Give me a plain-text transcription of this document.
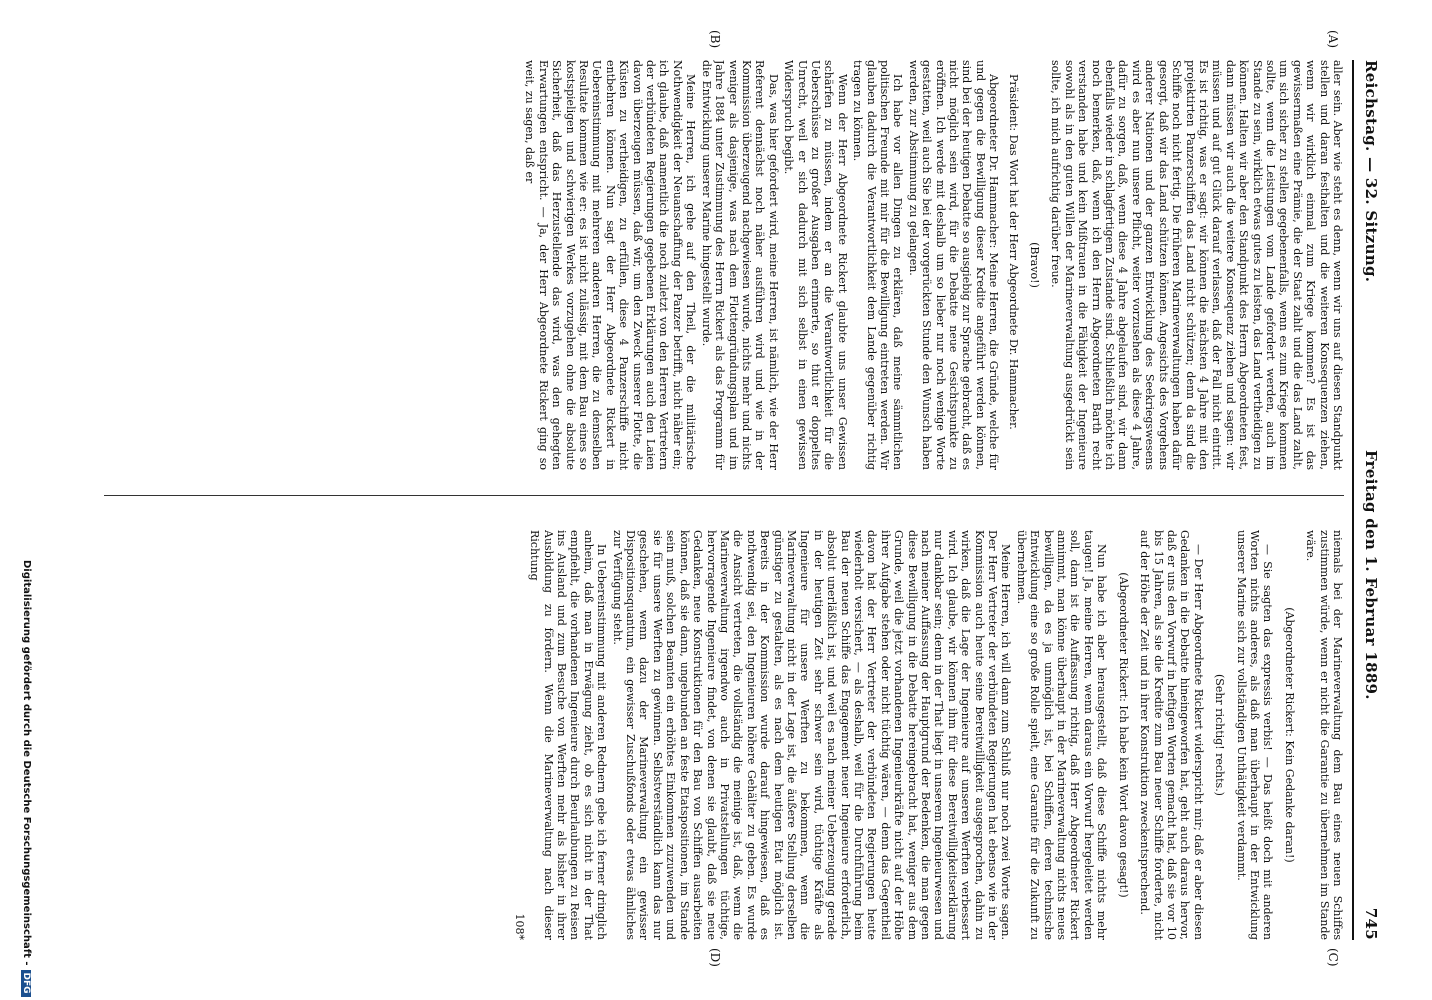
Reichstag. — 32. Sitzung.
Freitag den 1. Februar 1889.
745
(A)
(B)
(C)
(D)

aller sein. Aber wie steht es denn, wenn wir uns auf diesen Standpunkt stellen und daran festhalten und die weiteren Konsequenzen ziehen, wenn wir wirklich einmal zum Kriege kommen? Es ist das gewissermaßen eine Prämie, die der Staat zahlt und die das Land zahlt, um sich sicher zu stellen gegebenenfalls, wenn es zum Kriege kommen sollte, wenn die Leistungen vom Lande gefordert werden, auch im Stande zu sein, wirklich etwas gutes zu leisten, das Land vertheidigen zu können. Halten wir aber den Standpunkt des Herrn Abgeordneten fest, dann müssen wir auch die weitere Konsequenz ziehen und sagen: wir müssen und auf gut Glück darauf verlassen, daß der Fall nicht eintritt. Es ist richtig, was er sagt: wir können die nächsten 4 Jahre mit den projektirten Panzerschiffen das Land nicht schützen; denn da sind die Schiffe noch nicht fertig. Die früheren Marineverwaltungen haben dafür gesorgt, daß wir das Land schützen können. Angesichts des Vorgehens anderer Nationen und der ganzen Entwicklung des Seekriegswesens wird es aber nun unsere Pflicht, weiter vorzusehen als diese 4 Jahre, dafür zu sorgen, daß, wenn diese 4 Jahre abgelaufen sind, wir dann ebenfalls wieder in schlagfertigem Zustande sind. Schließlich möchte ich noch bemerken, daß, wenn ich den Herrn Abgeordneten Barth recht verstanden habe und kein Mißtrauen in die Fähigkeit der Ingenieure sowohl als in den guten Willen der Marineverwaltung ausgedrückt sein sollte, ich mich aufrichtig darüber freue.

(Bravo!)

Präsident: Das Wort hat der Herr Abgeordnete Dr. Hammacher.

Abgeordneter Dr. Hammacher: Meine Herren, die Gründe, welche für und gegen die Bewilligung dieser Kredite angeführt werden können, sind bei der heutigen Debatte so ausgiebig zur Sprache gebracht, daß es nicht möglich sein wird, für die Debatte neue Gesichtspunkte zu eröffnen. Ich werde mit deshalb um so lieber nur noch wenige Worte gestatten, weil auch Sie bei der vorgerückten Stunde den Wunsch haben werden, zur Abstimmung zu gelangen.

Ich habe vor allen Dingen zu erklären, daß meine sämmtlichen politischen Freunde mit mir für die Bewilligung eintreten werden. Wir glauben dadurch die Verantwortlichkeit dem Lande gegenüber richtig tragen zu können.

Wenn der Herr Abgeordnete Rickert glaubte uns unser Gewissen schärfen zu müssen, indem er an die Verantwortlichkeit für die Ueberschüsse zu großer Ausgaben erinnerte, so thut er doppeltes Unrecht, weil er sich dadurch mit sich selbst in einen gewissen Widerspruch begibt.

Das, was hier gefordert wird, meine Herren, ist nämlich, wie der Herr Referent dennächst noch näher ausführen wird und wie in der Kommission überzeugend nachgewiesen wurde, nichts mehr und nichts weniger als dasjenige, was nach dem Flottengründungsplan und im Jahre 1884 unter Zustimmung des Herrn Rickert als das Programm für die Entwicklung unserer Marine hingestellt wurde.

Meine Herren, ich gehe auf den Theil, der die militärische Nothwendigkeit der Neuanschaffung der Panzer betrifft, nicht näher ein; ich glaube, daß namentlich die noch zuletzt von den Herren Vertretern der verbündeten Regierungen gegebenen Erklärungen auch den Laien davon überzeugen müssen, daß wir, um den Zweck unserer Flotte, die Küsten zu vertheidigen, zu erfüllen, diese 4 Panzerschiffe nicht entbehren können. Nun sagt der Herr Abgeordnete Rickert in Uebereinstimmung mit mehreren anderen Herren, die zu demselben Resultate kommen wie er: es ist nicht zulässig, mit dem Bau eines so kostspieligen und schwierigen Werkes vorzugehen ohne die absolute Sicherheit, daß das Herzustellende das wird, was den gehegten Erwartungen entspricht. — Ja, der Herr Abgeordnete Rickert ging so weit, zu sagen, daß er

niemals bei der Marineverwaltung dem Bau eines neuen Schiffes zustimmen würde, wenn er nicht die Garantie zu übernehmen im Stande wäre.

(Abgeordneter Rickert: Kein Gedanke daran!)

— Sie sagten das expressis verbis! — Das heißt doch mit anderen Worten nichts anderes, als daß man überhaupt in der Entwicklung unserer Marine sich zur vollständigen Unthätigkeit verdammt.

(Sehr richtig! rechts.)

— Der Herr Abgeordnete Rickert widerspricht mir; daß er aber diesen Gedanken in die Debatte hineingeworfen hat, geht auch daraus hervor, daß er uns den Vorwurf in heftigen Worten gemacht hat, daß sie vor 10 bis 15 Jahren, als sie die Kredite zum Bau neuer Schiffe forderte, nicht auf der Höhe der Zeit und in ihrer Konstruktion zweckentsprechend.

(Abgeordneter Rickert: Ich habe kein Wort davon gesagt!)

Nun habe ich aber herausgestellt, daß diese Schiffe nichts mehr taugen! Ja, meine Herren, wenn daraus ein Vorwurf hergeleitet werden soll, dann ist die Auffassung richtig, daß Herr Abgeordneter Rickert annimmt, man könne überhaupt in der Marineverwaltung nichts neues bewilligen, da es ja unmöglich ist, bei Schiffen, deren technische Entwicklung eine so große Rolle spielt, eine Garantie für die Zukunft zu übernehmen.

Meine Herren, ich will dann zum Schluß nur noch zwei Worte sagen. Der Herr Vertreter der verbündeten Regierungen hat ebenso wie in der Kommission auch heute seine Bereitwilligkeit ausgesprochen, dahin zu wirken, daß die Lage der Ingenieure auf unseren Werften verbessert wird. Ich glaube, wir können ihm für diese Bereitwilligkeitserklärung nur dankbar sein; denn in der That liegt in unserem Ingenieurwesen und nach meiner Auffassung der Hauptgrund der Bedenken, die man gegen diese Bewilligung in die Debatte hereingebracht hat, weniger aus dem Grunde, weil die jetzt vorhandenen Ingenieurkräfte nicht auf der Höhe ihrer Aufgabe stehen oder nicht tüchtig wären, — denn das Gegentheil davon hat der Herr Vertreter der verbündeten Regierungen heute wiederholt versichert, — als deshalb, weil für die Durchführung beim Bau der neuen Schiffe das Engagement neuer Ingenieure erforderlich, absolut unerläßlich ist, und weil es nach meiner Ueberzeugung gerade in der heutigen Zeit sehr schwer sein wird, tüchtige Kräfte als Ingenieure für unsere Werften zu bekommen, wenn die Marineverwaltung nicht in der Lage ist, die äußere Stellung derselben günstiger zu gestalten, als es nach dem heutigen Etat möglich ist. Bereits in der Kommission wurde darauf hingewiesen, daß es nothwendig sei, den Ingenieuren höhere Gehälter zu geben. Es wurde die Ansicht vertreten, die vollständig die meinige ist, daß, wenn die Marineverwaltung irgendwo auch in Privatstellungen tüchtige, hervorragende Ingenieure findet, von denen sie glaubt, daß sie neue Gedanken, neue Konstruktionen für den Bau von Schiffen ausarbeiten können, daß sie dann, ungebunden an feste Etatspositionen, im Stande sein muß, solchen Beamten ein erhöhtes Einkommen zuzuwenden und sie für unsere Werften zu gewinnen. Selbstverständlich kann das nur geschehen, wenn dazu der Marineverwaltung ein gewisser Dispositionsquantum, ein gewisser Zuschußfonds oder etwas ähnliches zur Verfügung steht.

In Uebereinstimmung mit anderen Rednern gebe ich ferner dringlich anheim, daß man in Erwägung zieht, ob es sich nicht in der That empfiehlt, die vorhandenen Ingenieure durch Beurlaubungen zu Reisen ins Ausland und zum Besuche von Werften mehr als bisher in ihrer Ausbildung zu fördern. Wenn die Marineverwaltung nach dieser Richtung

108*

Digitalisierung gefördert durch die Deutsche Forschungsgemeinschaft -DFG
